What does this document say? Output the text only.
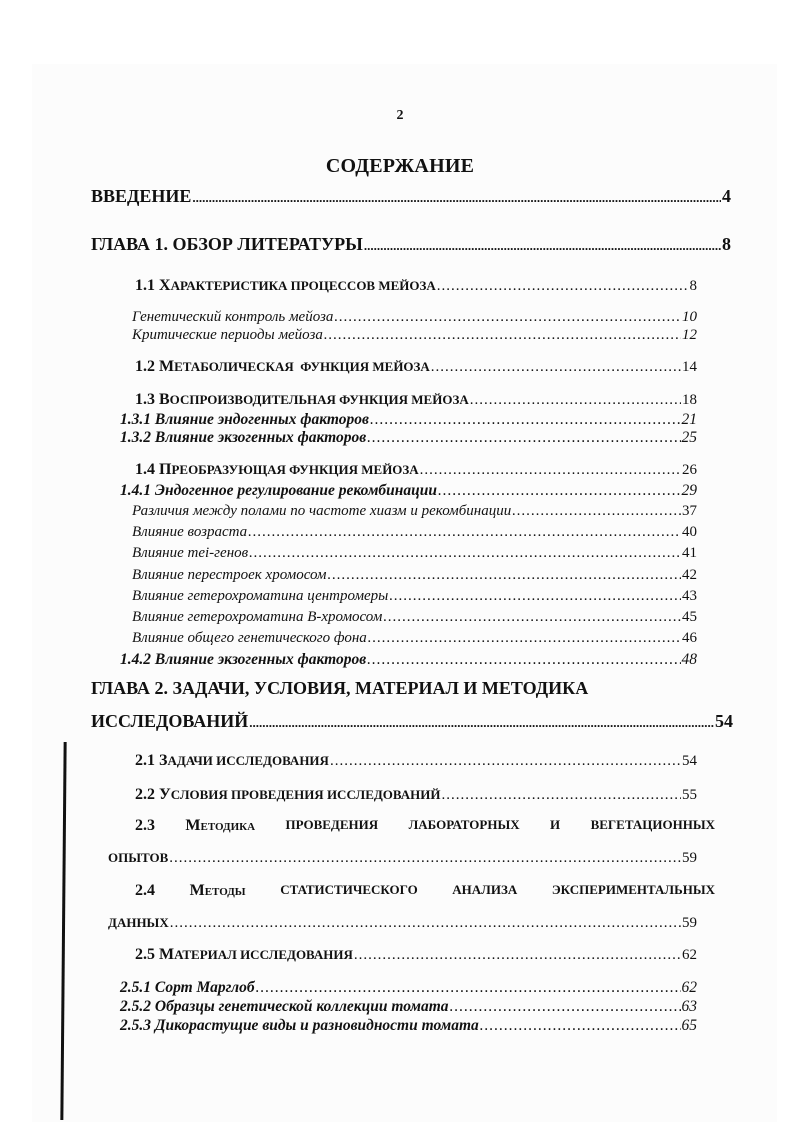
2
СОДЕРЖАНИЕ
ВВЕДЕНИЕ .....	4
ГЛАВА 1. ОБЗОР ЛИТЕРАТУРЫ .....	8
1.1 ХАРАКТЕРИСТИКА ПРОЦЕССОВ МЕЙОЗА .....	8
Генетический контроль мейоза .....	10
Критические периоды мейоза .....	12
1.2 МЕТАБОЛИЧЕСКАЯ  ФУНКЦИЯ МЕЙОЗА .....	14
1.3 ВОСПРОИЗВОДИТЕЛЬНАЯ ФУНКЦИЯ МЕЙОЗА .....	18
1.3.1 Влияние эндогенных факторов .....	21
1.3.2 Влияние экзогенных факторов .....	25
1.4 ПРЕОБРАЗУЮЩАЯ ФУНКЦИЯ МЕЙОЗА .....	26
1.4.1 Эндогенное регулирование рекомбинации .....	29
Различия между полами по частоте хиазм и рекомбинации .....	37
Влияние возраста .....	40
Влияние mei-генов .....	41
Влияние перестроек хромосом .....	42
Влияние гетерохроматина центромеры .....	43
Влияние гетерохроматина B-хромосом .....	45
Влияние общего генетического фона .....	46
1.4.2 Влияние экзогенных факторов .....	48
ГЛАВА 2. ЗАДАЧИ, УСЛОВИЯ, МАТЕРИАЛ И МЕТОДИКА
ИССЛЕДОВАНИЙ .....	54
2.1 ЗАДАЧИ ИССЛЕДОВАНИЯ .....	54
2.2 УСЛОВИЯ ПРОВЕДЕНИЯ ИССЛЕДОВАНИЙ .....	55
2.3 Методика ПРОВЕДЕНИЯ ЛАБОРАТОРНЫХ И ВЕГЕТАЦИОННЫХ
ОПЫТОВ .....	59
2.4 Методы	СТАТИСТИЧЕСКОГО	АНАЛИЗА	ЭКСПЕРИМЕНТАЛЬНЫХ
ДАННЫХ .....	59
2.5 МАТЕРИАЛ ИССЛЕДОВАНИЯ .....	62
2.5.1 Сорт Марглоб .....	62
2.5.2 Образцы генетической коллекции томата .....	63
2.5.3 Дикорастущие виды и разновидности томата .....	65
